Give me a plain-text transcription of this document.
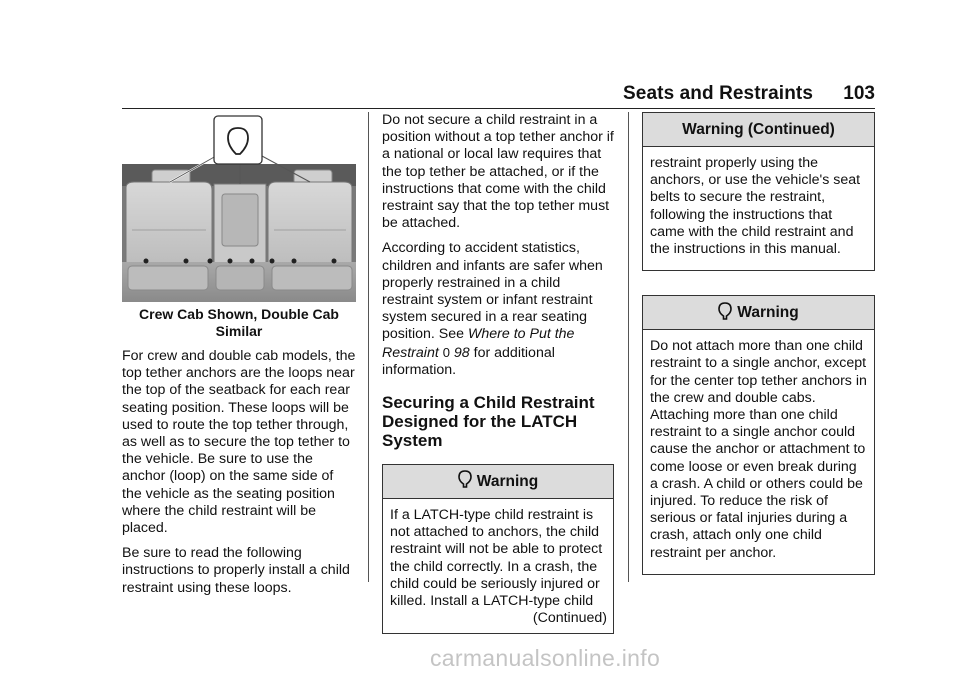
Seats and Restraints 103
Crew Cab Shown, Double Cab
Similar

For crew and double cab models, the top tether anchors are the loops near the top of the seatback for each rear seating position. These loops will be used to route the top tether through, as well as to secure the top tether to the vehicle. Be sure to use the anchor (loop) on the same side of the vehicle as the seating position where the child restraint will be placed.

Be sure to read the following instructions to properly install a child restraint using these loops.

Do not secure a child restraint in a position without a top tether anchor if a national or local law requires that the top tether be attached, or if the instructions that come with the child restraint say that the top tether must be attached.

According to accident statistics, children and infants are safer when properly restrained in a child restraint system or infant restraint system secured in a rear seating position. See Where to Put the Restraint 0 98 for additional information.

Securing a Child Restraint Designed for the LATCH System
Warning
If a LATCH-type child restraint is not attached to anchors, the child restraint will not be able to protect the child correctly. In a crash, the child could be seriously injured or killed. Install a LATCH-type child
(Continued)
Warning (Continued)
restraint properly using the anchors, or use the vehicle's seat belts to secure the restraint, following the instructions that came with the child restraint and the instructions in this manual.
Warning
Do not attach more than one child restraint to a single anchor, except for the center top tether anchors in the crew and double cabs. Attaching more than one child restraint to a single anchor could cause the anchor or attachment to come loose or even break during a crash. A child or others could be injured. To reduce the risk of serious or fatal injuries during a crash, attach only one child restraint per anchor.
carmanualsonline.info
